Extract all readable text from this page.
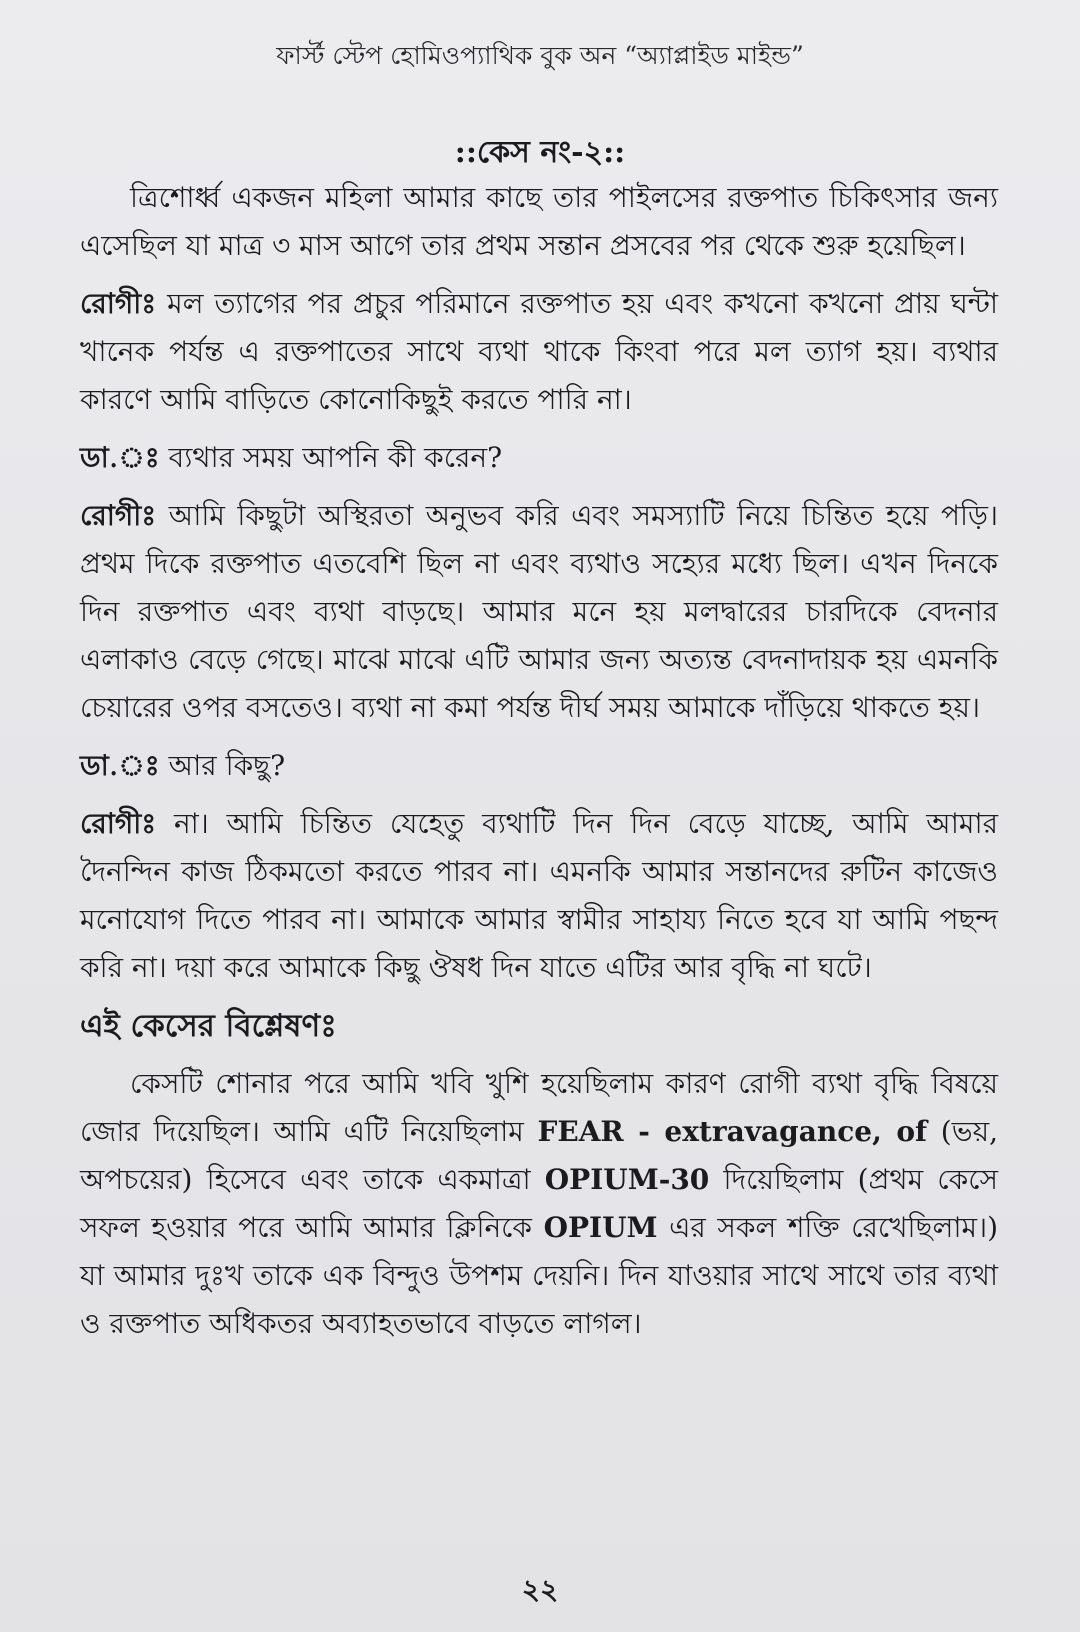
ফার্স্ট স্টেপ হোমিওপ্যাথিক বুক অন “অ্যাপ্লাইড মাইন্ড”
::কেস নং-২::

ত্রিশোর্ধ্ব একজন মহিলা আমার কাছে তার পাইলসের রক্তপাত চিকিৎসার জন্য এসেছিল যা মাত্র ৩ মাস আগে তার প্রথম সন্তান প্রসবের পর থেকে শুরু হয়েছিল।

রোগীঃ মল ত্যাগের পর প্রচুর পরিমানে রক্তপাত হয় এবং কখনো কখনো প্রায় ঘন্টা খানেক পর্যন্ত এ রক্তপাতের সাথে ব্যথা থাকে কিংবা পরে মল ত্যাগ হয়। ব্যথার কারণে আমি বাড়িতে কোনোকিছুই করতে পারি না।

ডা.ঃ ব্যথার সময় আপনি কী করেন?

রোগীঃ আমি কিছুটা অস্থিরতা অনুভব করি এবং সমস্যাটি নিয়ে চিন্তিত হয়ে পড়ি। প্রথম দিকে রক্তপাত এতবেশি ছিল না এবং ব্যথাও সহ্যের মধ্যে ছিল। এখন দিনকে দিন রক্তপাত এবং ব্যথা বাড়ছে। আমার মনে হয় মলদ্বারের চারদিকে বেদনার এলাকাও বেড়ে গেছে। মাঝে মাঝে এটি আমার জন্য অত্যন্ত বেদনাদায়ক হয় এমনকি চেয়ারের ওপর বসতেও। ব্যথা না কমা পর্যন্ত দীর্ঘ সময় আমাকে দাঁড়িয়ে থাকতে হয়।

ডা.ঃ আর কিছু?

রোগীঃ না। আমি চিন্তিত যেহেতু ব্যথাটি দিন দিন বেড়ে যাচ্ছে, আমি আমার দৈনন্দিন কাজ ঠিকমতো করতে পারব না। এমনকি আমার সন্তানদের রুটিন কাজেও মনোযোগ দিতে পারব না। আমাকে আমার স্বামীর সাহায্য নিতে হবে যা আমি পছন্দ করি না। দয়া করে আমাকে কিছু ঔষধ দিন যাতে এটির আর বৃদ্ধি না ঘটে।

এই কেসের বিশ্লেষণঃ

কেসটি শোনার পরে আমি খবি খুশি হয়েছিলাম কারণ রোগী ব্যথা বৃদ্ধি বিষয়ে জোর দিয়েছিল। আমি এটি নিয়েছিলাম FEAR - extravagance, of (ভয়, অপচয়ের) হিসেবে এবং তাকে একমাত্রা OPIUM-30 দিয়েছিলাম (প্রথম কেসে সফল হওয়ার পরে আমি আমার ক্লিনিকে OPIUM এর সকল শক্তি রেখেছিলাম।) যা আমার দুঃখ তাকে এক বিন্দুও উপশম দেয়নি। দিন যাওয়ার সাথে সাথে তার ব্যথা ও রক্তপাত অধিকতর অব্যাহতভাবে বাড়তে লাগল।

২২
